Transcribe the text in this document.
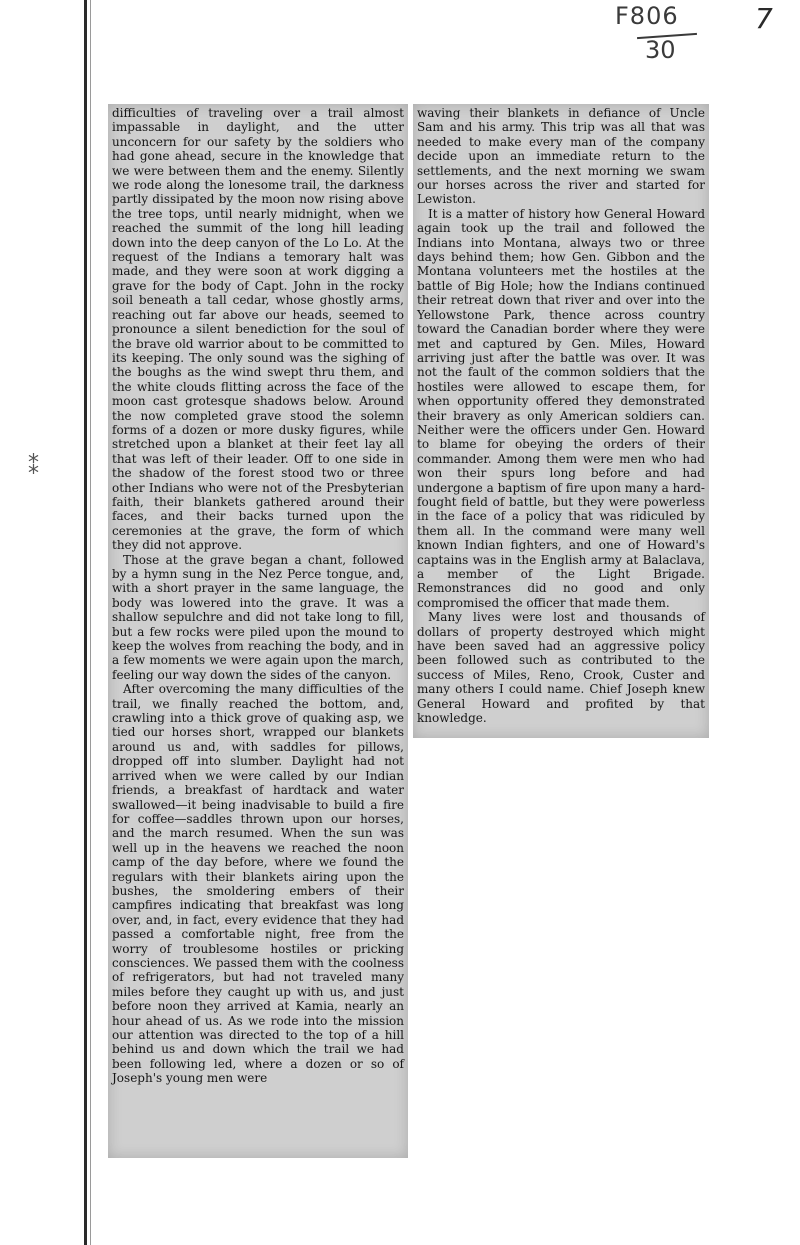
F806
30
7
⁑

difficulties of traveling over a trail almost impassable in daylight, and the utter unconcern for our safety by the soldiers who had gone ahead, secure in the knowledge that we were between them and the enemy. Silently we rode along the lonesome trail, the darkness partly dissipated by the moon now rising above the tree tops, until nearly midnight, when we reached the summit of the long hill leading down into the deep canyon of the Lo Lo. At the request of the Indians a temorary halt was made, and they were soon at work digging a grave for the body of Capt. John in the rocky soil beneath a tall cedar, whose ghostly arms, reaching out far above our heads, seemed to pronounce a silent benediction for the soul of the brave old warrior about to be committed to its keeping. The only sound was the sighing of the boughs as the wind swept thru them, and the white clouds flitting across the face of the moon cast grotesque shadows below. Around the now completed grave stood the solemn forms of a dozen or more dusky figures, while stretched upon a blanket at their feet lay all that was left of their leader. Off to one side in the shadow of the forest stood two or three other Indians who were not of the Presbyterian faith, their blankets gathered around their faces, and their backs turned upon the ceremonies at the grave, the form of which they did not approve.

Those at the grave began a chant, followed by a hymn sung in the Nez Perce tongue, and, with a short prayer in the same language, the body was lowered into the grave. It was a shallow sepulchre and did not take long to fill, but a few rocks were piled upon the mound to keep the wolves from reaching the body, and in a few moments we were again upon the march, feeling our way down the sides of the canyon.

After overcoming the many difficulties of the trail, we finally reached the bottom, and, crawling into a thick grove of quaking asp, we tied our horses short, wrapped our blankets around us and, with saddles for pillows, dropped off into slumber. Daylight had not arrived when we were called by our Indian friends, a breakfast of hardtack and water swallowed—it being inadvisable to build a fire for coffee—saddles thrown upon our horses, and the march resumed. When the sun was well up in the heavens we reached the noon camp of the day before, where we found the regulars with their blankets airing upon the bushes, the smoldering embers of their campfires indicating that breakfast was long over, and, in fact, every evidence that they had passed a comfortable night, free from the worry of troublesome hostiles or pricking consciences. We passed them with the coolness of refrigerators, but had not traveled many miles before they caught up with us, and just before noon they arrived at Kamia, nearly an hour ahead of us. As we rode into the mission our attention was directed to the top of a hill behind us and down which the trail we had been following led, where a dozen or so of Joseph's young men were

waving their blankets in defiance of Uncle Sam and his army. This trip was all that was needed to make every man of the company decide upon an immediate return to the settlements, and the next morning we swam our horses across the river and started for Lewiston.

It is a matter of history how General Howard again took up the trail and followed the Indians into Montana, always two or three days behind them; how Gen. Gibbon and the Montana volunteers met the hostiles at the battle of Big Hole; how the Indians continued their retreat down that river and over into the Yellowstone Park, thence across country toward the Canadian border where they were met and captured by Gen. Miles, Howard arriving just after the battle was over. It was not the fault of the common soldiers that the hostiles were allowed to escape them, for when opportunity offered they demonstrated their bravery as only American soldiers can. Neither were the officers under Gen. Howard to blame for obeying the orders of their commander. Among them were men who had won their spurs long before and had undergone a baptism of fire upon many a hard-fought field of battle, but they were powerless in the face of a policy that was ridiculed by them all. In the command were many well known Indian fighters, and one of Howard's captains was in the English army at Balaclava, a member of the Light Brigade. Remonstrances did no good and only compromised the officer that made them.

Many lives were lost and thousands of dollars of property destroyed which might have been saved had an aggressive policy been followed such as contributed to the success of Miles, Reno, Crook, Custer and many others I could name. Chief Joseph knew General Howard and profited by that knowledge.
